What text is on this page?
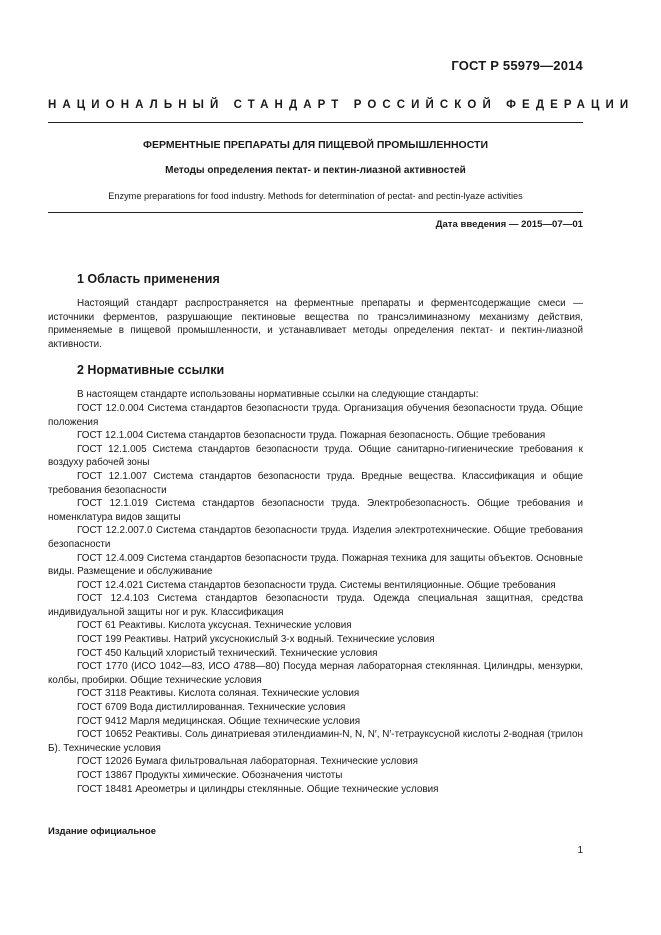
ГОСТ Р 55979—2014
НАЦИОНАЛЬНЫЙ СТАНДАРТ РОССИЙСКОЙ ФЕДЕРАЦИИ
ФЕРМЕНТНЫЕ ПРЕПАРАТЫ ДЛЯ ПИЩЕВОЙ ПРОМЫШЛЕННОСТИ
Методы определения пектат- и пектин-лиазной активностей
Enzyme preparations for food industry. Methods for determination of pectat- and pectin-lyaze activities
Дата введения — 2015—07—01
1 Область применения

Настоящий стандарт распространяется на ферментные препараты и ферментсодержащие смеси — источники ферментов, разрушающие пектиновые вещества по трансэлиминазному механизму действия, применяемые в пищевой промышленности, и устанавливает методы определения пектат- и пектин-лиазной активности.

2 Нормативные ссылки

В настоящем стандарте использованы нормативные ссылки на следующие стандарты:

ГОСТ 12.0.004 Система стандартов безопасности труда. Организация обучения безопасности труда. Общие положения

ГОСТ 12.1.004 Система стандартов безопасности труда. Пожарная безопасность. Общие требования

ГОСТ 12.1.005 Система стандартов безопасности труда. Общие санитарно-гигиенические требования к воздуху рабочей зоны

ГОСТ 12.1.007 Система стандартов безопасности труда. Вредные вещества. Классификация и общие требования безопасности

ГОСТ 12.1.019 Система стандартов безопасности труда. Электробезопасность. Общие требования и номенклатура видов защиты

ГОСТ 12.2.007.0 Система стандартов безопасности труда. Изделия электротехнические. Общие требования безопасности

ГОСТ 12.4.009 Система стандартов безопасности труда. Пожарная техника для защиты объектов. Основные виды. Размещение и обслуживание

ГОСТ 12.4.021 Система стандартов безопасности труда. Системы вентиляционные. Общие требования

ГОСТ 12.4.103 Система стандартов безопасности труда. Одежда специальная защитная, средства индивидуальной защиты ног и рук. Классификация

ГОСТ 61 Реактивы. Кислота уксусная. Технические условия

ГОСТ 199 Реактивы. Натрий уксуснокислый 3-х водный. Технические условия

ГОСТ 450 Кальций хлористый технический. Технические условия

ГОСТ 1770 (ИСО 1042—83, ИСО 4788—80) Посуда мерная лабораторная стеклянная. Цилиндры, мензурки, колбы, пробирки. Общие технические условия

ГОСТ 3118 Реактивы. Кислота соляная. Технические условия

ГОСТ 6709 Вода дистиллированная. Технические условия

ГОСТ 9412 Марля медицинская. Общие технические условия

ГОСТ 10652 Реактивы. Соль динатриевая этилендиамин-N, N, N′, N′-тетрауксусной кислоты 2-водная (трилон Б). Технические условия

ГОСТ 12026 Бумага фильтровальная лабораторная. Технические условия

ГОСТ 13867 Продукты химические. Обозначения чистоты

ГОСТ 18481 Ареометры и цилиндры стеклянные. Общие технические условия

Издание официальное
1
